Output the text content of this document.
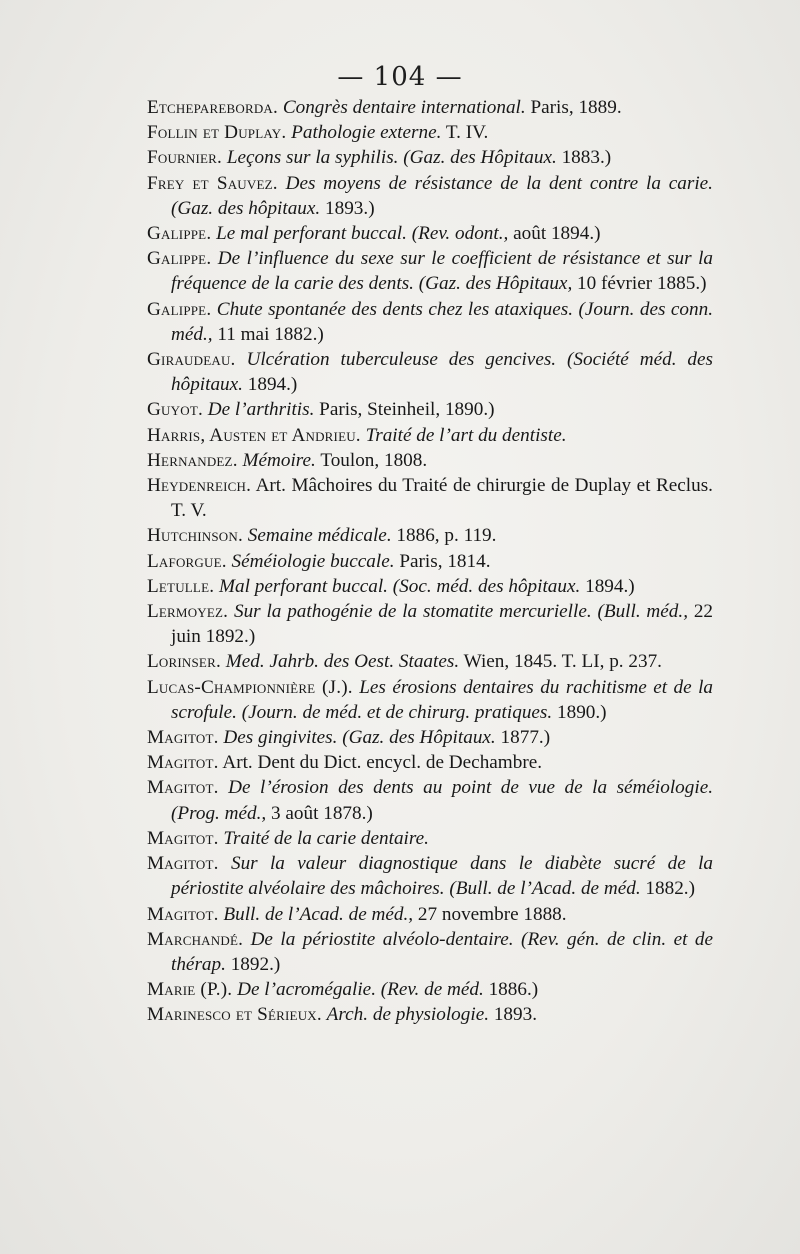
— 104 —

Etchepareborda. Congrès dentaire international. Paris, 1889.

Follin et Duplay. Pathologie externe. T. IV.

Fournier. Leçons sur la syphilis. (Gaz. des Hôpitaux. 1883.)

Frey et Sauvez. Des moyens de résistance de la dent contre la carie. (Gaz. des hôpitaux. 1893.)

Galippe. Le mal perforant buccal. (Rev. odont., août 1894.)

Galippe. De l’influence du sexe sur le coefficient de résistance et sur la fréquence de la carie des dents. (Gaz. des Hôpitaux, 10 février 1885.)

Galippe. Chute spontanée des dents chez les ataxiques. (Journ. des conn. méd., 11 mai 1882.)

Giraudeau. Ulcération tuberculeuse des gencives. (Société méd. des hôpitaux. 1894.)

Guyot. De l’arthritis. Paris, Steinheil, 1890.)

Harris, Austen et Andrieu. Traité de l’art du dentiste.

Hernandez. Mémoire. Toulon, 1808.

Heydenreich. Art. Mâchoires du Traité de chirurgie de Duplay et Reclus. T. V.

Hutchinson. Semaine médicale. 1886, p. 119.

Laforgue. Séméiologie buccale. Paris, 1814.

Letulle. Mal perforant buccal. (Soc. méd. des hôpitaux. 1894.)

Lermoyez. Sur la pathogénie de la stomatite mercurielle. (Bull. méd., 22 juin 1892.)

Lorinser. Med. Jahrb. des Oest. Staates. Wien, 1845. T. LI, p. 237.

Lucas-Championnière (J.). Les érosions dentaires du rachitisme et de la scrofule. (Journ. de méd. et de chirurg. pratiques. 1890.)

Magitot. Des gingivites. (Gaz. des Hôpitaux. 1877.)

Magitot. Art. Dent du Dict. encycl. de Dechambre.

Magitot. De l’érosion des dents au point de vue de la séméiologie. (Prog. méd., 3 août 1878.)

Magitot. Traité de la carie dentaire.

Magitot. Sur la valeur diagnostique dans le diabète sucré de la périostite alvéolaire des mâchoires. (Bull. de l’Acad. de méd. 1882.)

Magitot. Bull. de l’Acad. de méd., 27 novembre 1888.

Marchandé. De la périostite alvéolo-dentaire. (Rev. gén. de clin. et de thérap. 1892.)

Marie (P.). De l’acromégalie. (Rev. de méd. 1886.)

Marinesco et Sérieux. Arch. de physiologie. 1893.
